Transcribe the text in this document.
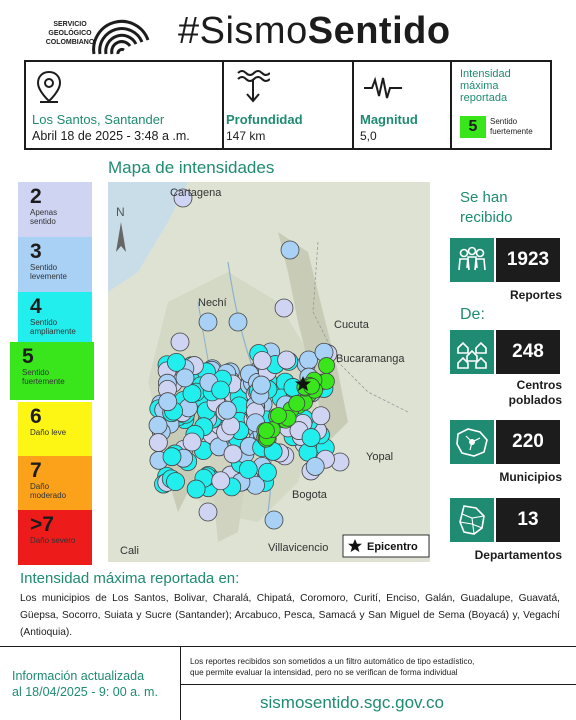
SERVICIO
GEOLÓGICO
COLOMBIANO	#SismoSentido
Los Santos, Santander
Abril 18 de 2025 - 3:48 a .m.
Profundidad
147 km
Magnitud
5,0
Intensidad
máxima
reportada
5	Sentido
fuertemente
Mapa de intensidades
2
Apenas
sentido
3
Sentido
levemente
4
Sentido
ampliamente
5
Sentido
fuertemente
6
Daño leve
7
Daño
moderado
>7
Daño severo
Cartagena
Nechí
Cucuta
Bucaramanga
Yopal
Cali	Villavicencio
Bogota
N
Epicentro
Se han
recibido
1923
Reportes
De:
248
Centros
poblados
220
Municipios
13
Departamentos
Intensidad máxima reportada en:
Los municipios de Los Santos, Bolivar, Charalá, Chipatá, Coromoro, Curití, Enciso, Galán, Guadalupe, Guavatá, Güepsa, Socorro, Suiata y Sucre (Santander); Arcabuco, Pesca, Samacá y San Miguel de Sema (Boyacá) y, Vegachí (Antioquia).
Información actualizada
al 18/04/2025 - 9: 00 a. m.
Los reportes recibidos son sometidos a un filtro automático de tipo estadístico,
que permite evaluar la intensidad, pero no se verifican de forma individual
sismosentido.sgc.gov.co
